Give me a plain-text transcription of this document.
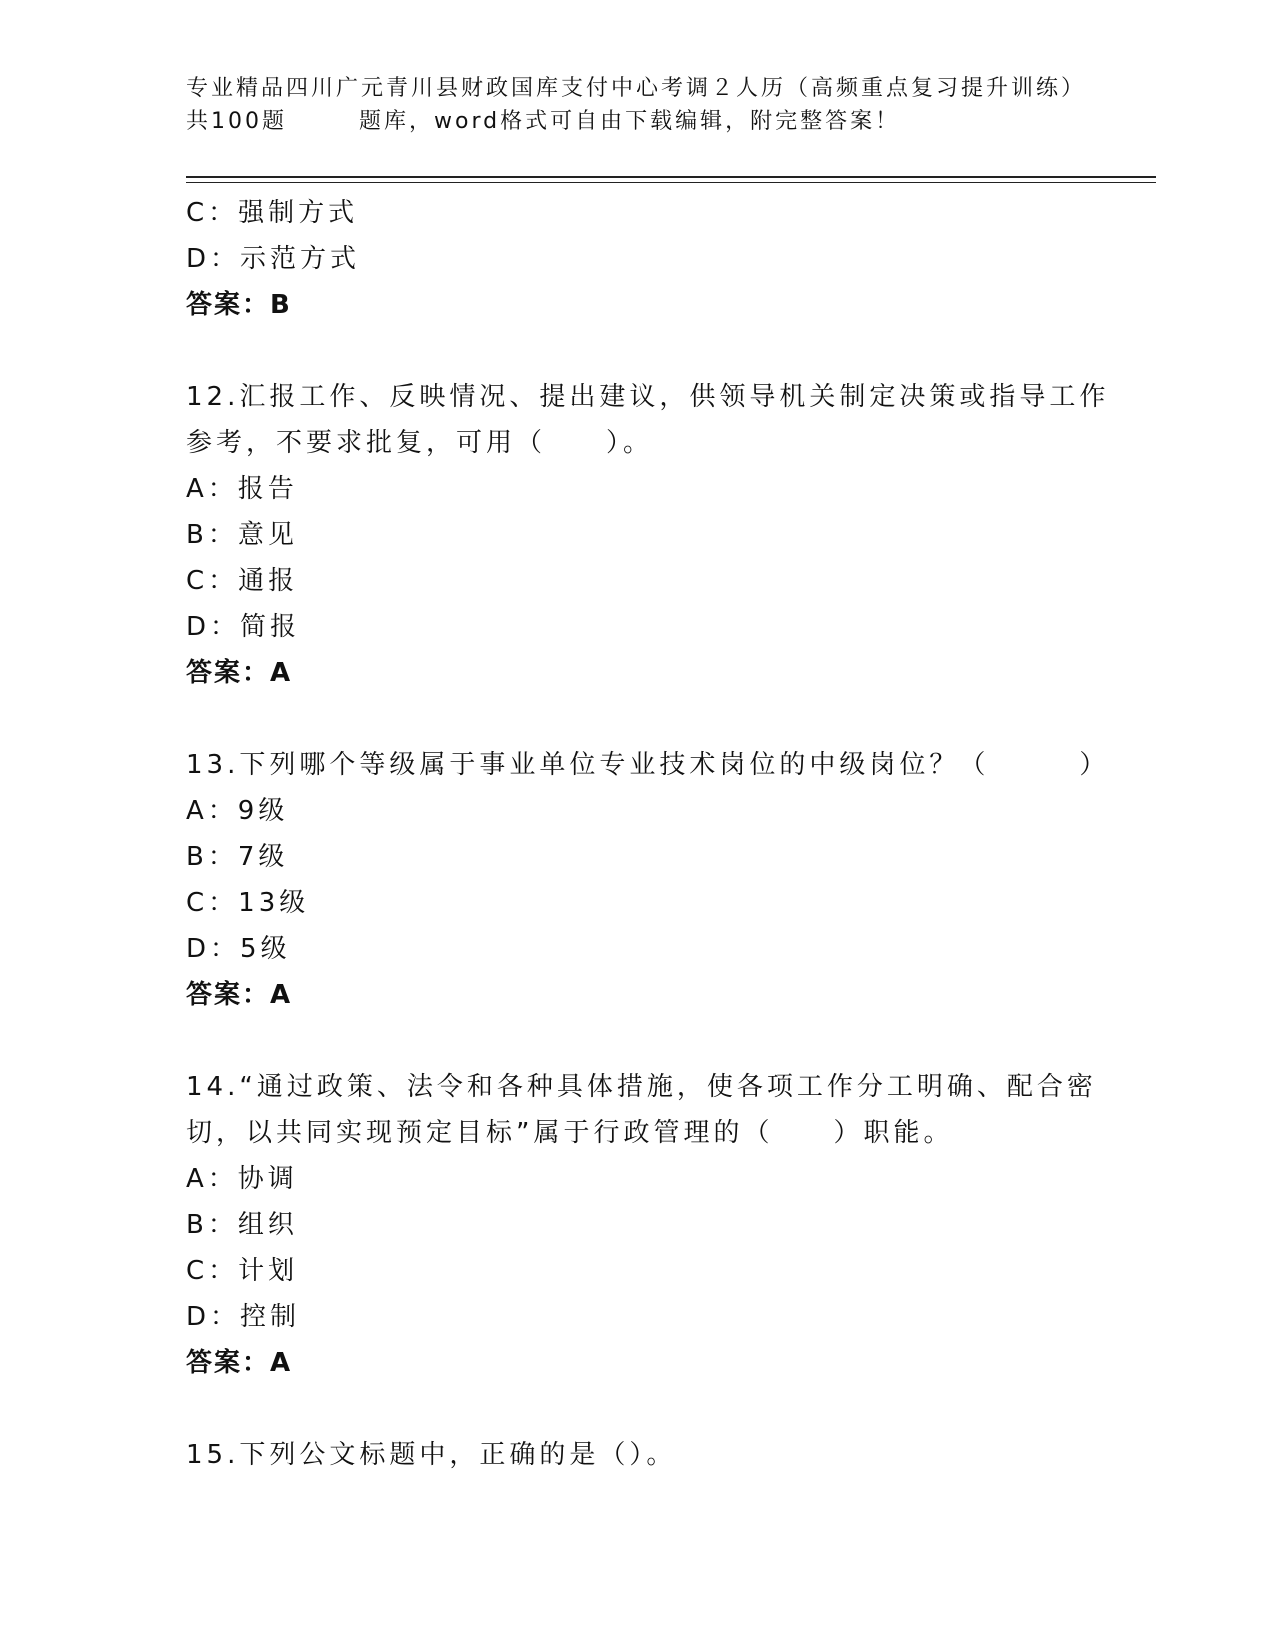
专业精品四川广元青川县财政国库支付中心考调２人历（高频重点复习提升训练）
共100题	题库，word格式可自由下载编辑，附完整答案！
C：强制方式
D：示范方式
答案：B
12.汇报工作、反映情况、提出建议，供领导机关制定决策或指导工作
参考，不要求批复，可用（　　）。
A：报告
B：意见
C：通报
D：简报
答案：A
13.下列哪个等级属于事业单位专业技术岗位的中级岗位？（　　　）
A：9级
B：7级
C：13级
D：5级
答案：A
14.“通过政策、法令和各种具体措施，使各项工作分工明确、配合密
切，以共同实现预定目标”属于行政管理的（　　）职能。
A：协调
B：组织
C：计划
D：控制
答案：A
15.下列公文标题中，正确的是（）。
